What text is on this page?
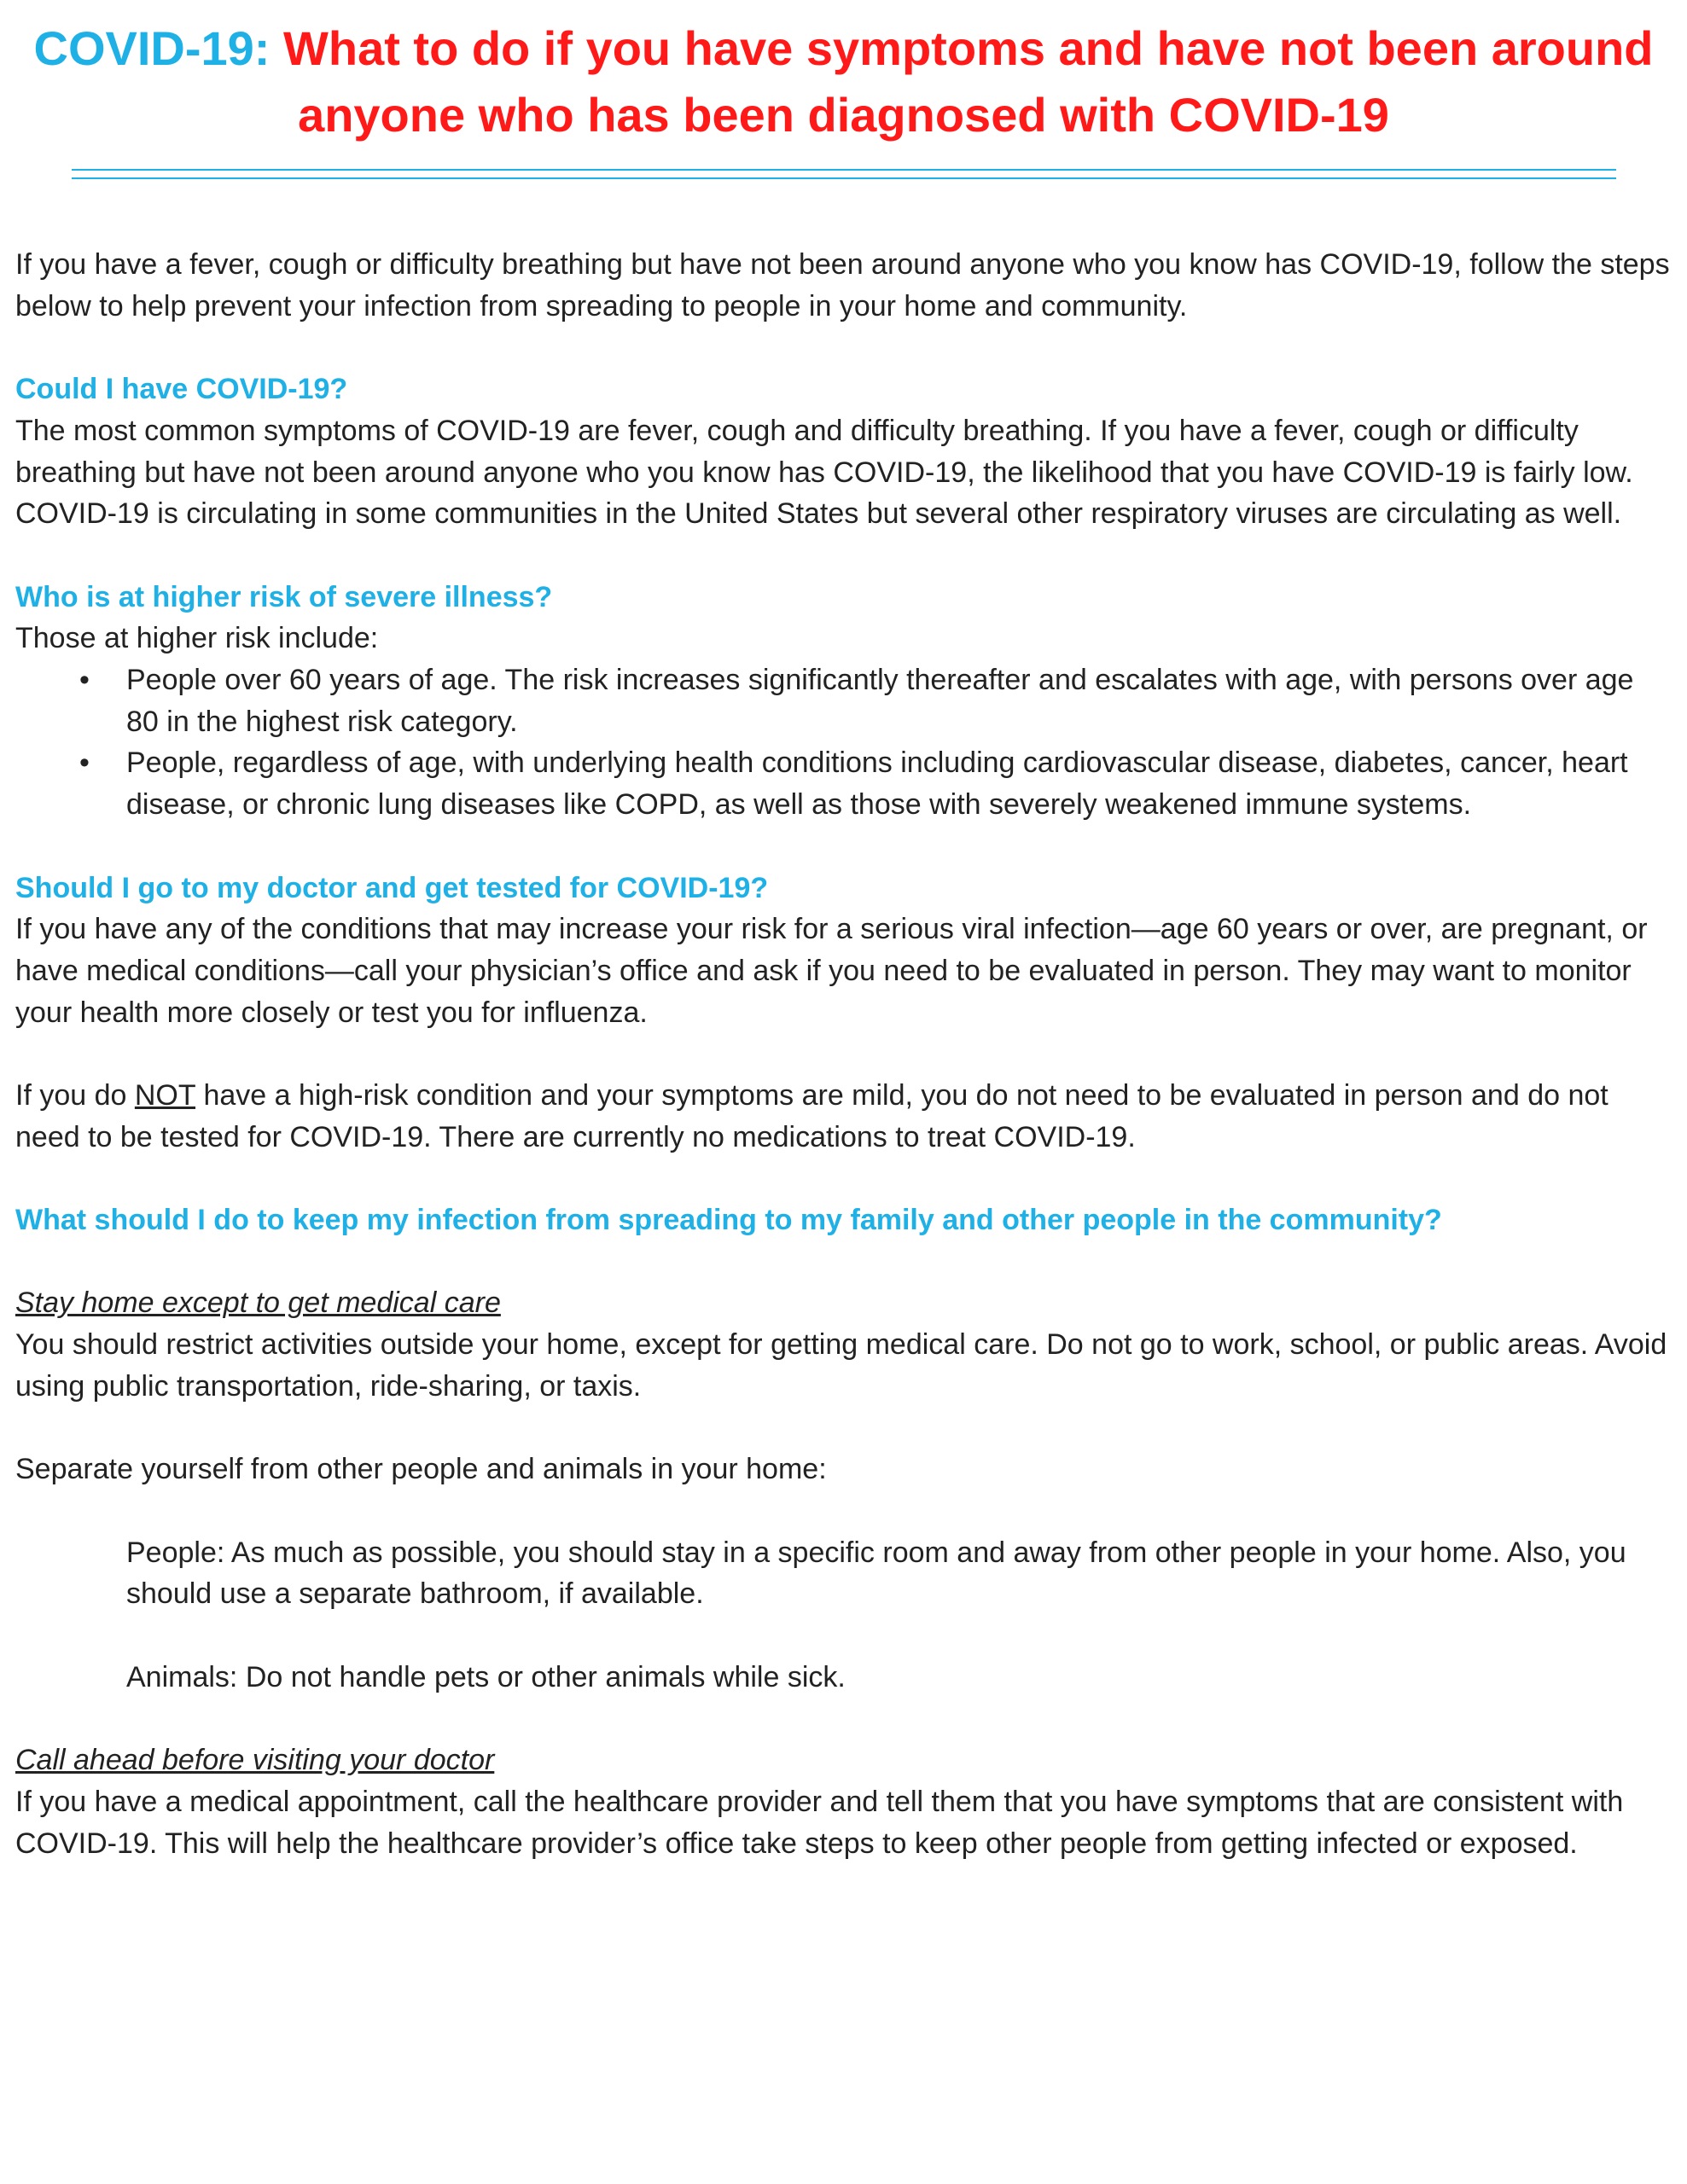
COVID-19: What to do if you have symptoms and have not been around anyone who has been diagnosed with COVID-19

If you have a fever, cough or difficulty breathing but have not been around anyone who you know has COVID-19, follow the steps below to help prevent your infection from spreading to people in your home and community.

Could I have COVID-19?

The most common symptoms of COVID-19 are fever, cough and difficulty breathing. If you have a fever, cough or difficulty breathing but have not been around anyone who you know has COVID-19, the likelihood that you have COVID-19 is fairly low. COVID-19 is circulating in some communities in the United States but several other respiratory viruses are circulating as well.

Who is at higher risk of severe illness?

Those at higher risk include:

• People over 60 years of age. The risk increases significantly thereafter and escalates with age, with persons over age 80 in the highest risk category.
• People, regardless of age, with underlying health conditions including cardiovascular disease, diabetes, cancer, heart disease, or chronic lung diseases like COPD, as well as those with severely weakened immune systems.

Should I go to my doctor and get tested for COVID-19?

If you have any of the conditions that may increase your risk for a serious viral infection—age 60 years or over, are pregnant, or have medical conditions—call your physician’s office and ask if you need to be evaluated in person. They may want to monitor your health more closely or test you for influenza.

If you do NOT have a high-risk condition and your symptoms are mild, you do not need to be evaluated in person and do not need to be tested for COVID-19. There are currently no medications to treat COVID-19.

What should I do to keep my infection from spreading to my family and other people in the community?

Stay home except to get medical care

You should restrict activities outside your home, except for getting medical care. Do not go to work, school, or public areas. Avoid using public transportation, ride-sharing, or taxis.

Separate yourself from other people and animals in your home:

People: As much as possible, you should stay in a specific room and away from other people in your home. Also, you should use a separate bathroom, if available.

Animals: Do not handle pets or other animals while sick.

Call ahead before visiting your doctor

If you have a medical appointment, call the healthcare provider and tell them that you have symptoms that are consistent with COVID-19. This will help the healthcare provider’s office take steps to keep other people from getting infected or exposed.
